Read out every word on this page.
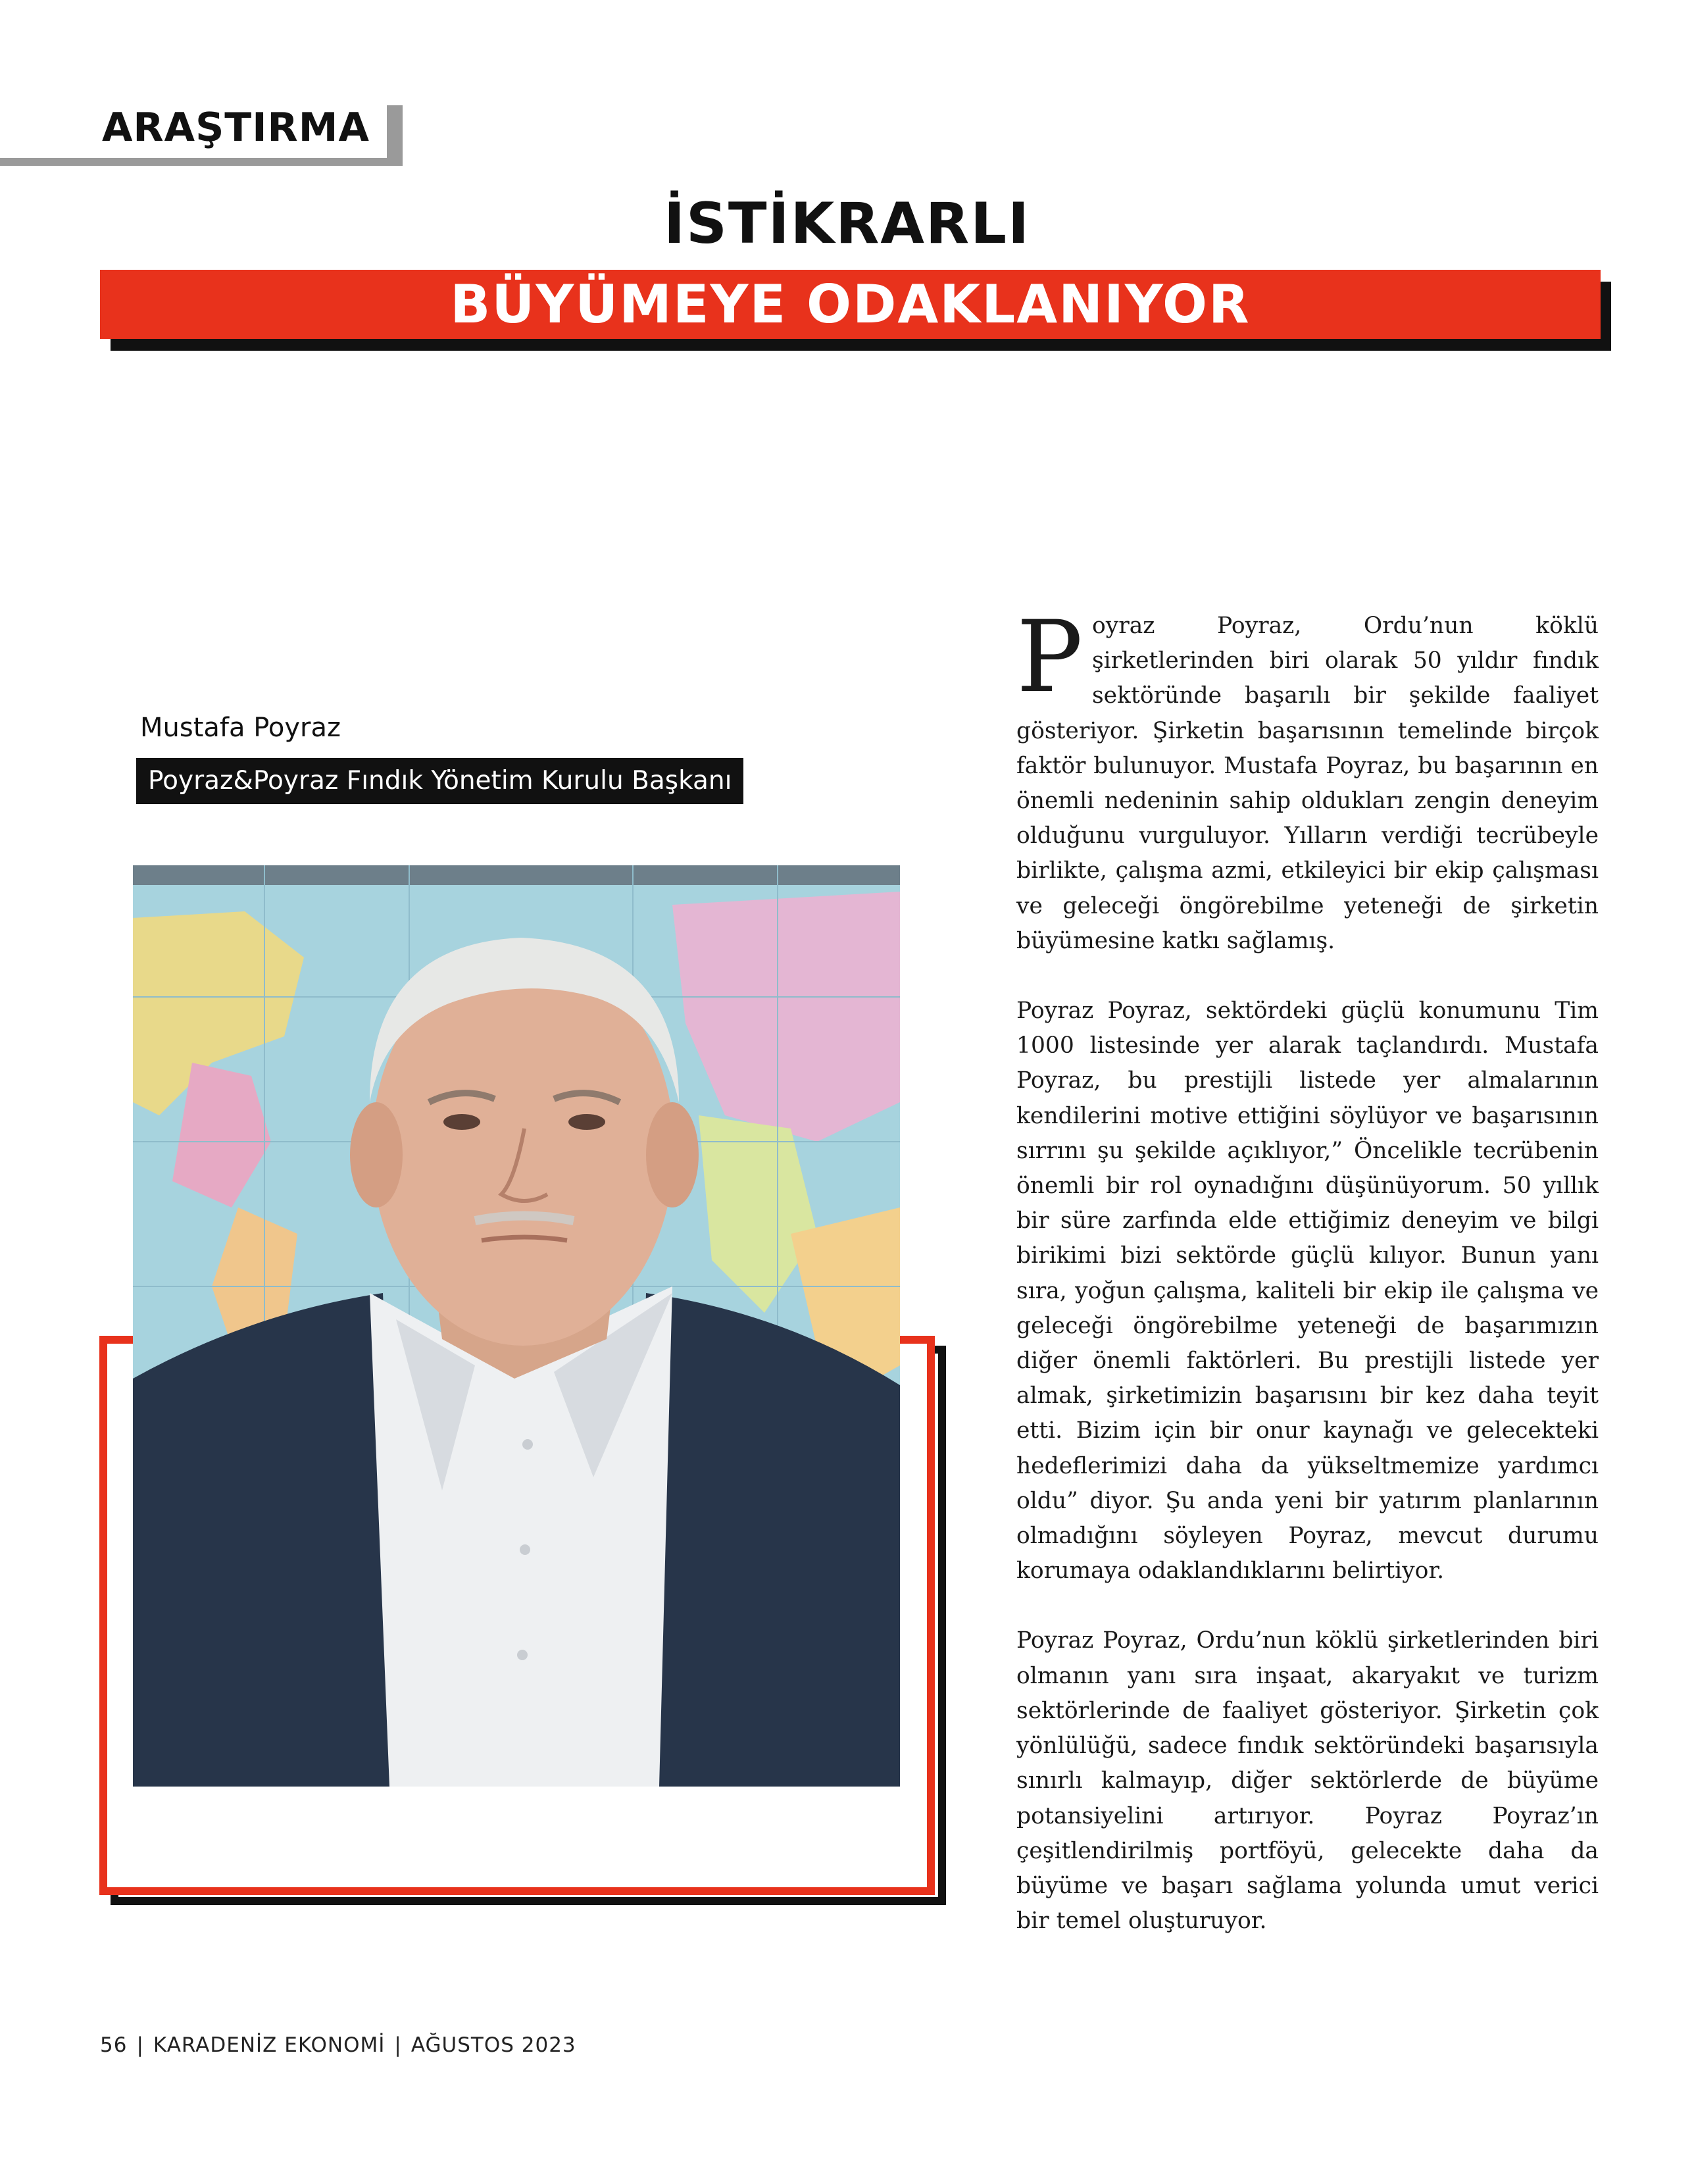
ARAŞTIRMA
İSTİKRARLI
BÜYÜMEYE ODAKLANIYOR
Mustafa Poyraz
Poyraz&Poyraz Fındık Yönetim Kurulu Başkanı

Poyraz Poyraz, Ordu’nun köklü şirketlerinden biri olarak 50 yıldır fındık sektöründe başarılı bir şekilde faaliyet gösteriyor. Şirketin başarısının temelinde birçok faktör bulunuyor. Mustafa Poyraz, bu başarının en önemli nedeninin sahip oldukları zengin deneyim olduğunu vurguluyor. Yılların verdiği tecrübeyle birlikte, çalışma azmi, etkileyici bir ekip çalışması ve geleceği öngörebilme yeteneği de şirketin büyümesine katkı sağlamış.

Poyraz Poyraz, sektördeki güçlü konumunu Tim 1000 listesinde yer alarak taçlandırdı. Mustafa Poyraz, bu prestijli listede yer almalarının kendilerini motive ettiğini söylüyor ve başarısının sırrını şu şekilde açıklıyor,” Öncelikle tecrübenin önemli bir rol oynadığını düşünüyorum. 50 yıllık bir süre zarfında elde ettiğimiz deneyim ve bilgi birikimi bizi sektörde güçlü kılıyor. Bunun yanı sıra, yoğun çalışma, kaliteli bir ekip ile çalışma ve geleceği öngörebilme yeteneği de başarımızın diğer önemli faktörleri. Bu prestijli listede yer almak, şirketimizin başarısını bir kez daha teyit etti. Bizim için bir onur kaynağı ve gelecekteki hedeflerimizi daha da yükseltmemize yardımcı oldu” diyor. Şu anda yeni bir yatırım planlarının olmadığını söyleyen Poyraz, mevcut durumu korumaya odaklandıklarını belirtiyor.

Poyraz Poyraz, Ordu’nun köklü şirketlerinden biri olmanın yanı sıra inşaat, akaryakıt ve turizm sektörlerinde de faaliyet gösteriyor. Şirketin çok yönlülüğü, sadece fındık sektöründeki başarısıyla sınırlı kalmayıp, diğer sektörlerde de büyüme potansiyelini artırıyor. Poyraz Poyraz’ın çeşitlendirilmiş portföyü, gelecekte daha da büyüme ve başarı sağlama yolunda umut verici bir temel oluşturuyor.

56 | KARADENİZ EKONOMİ | AĞUSTOS 2023
